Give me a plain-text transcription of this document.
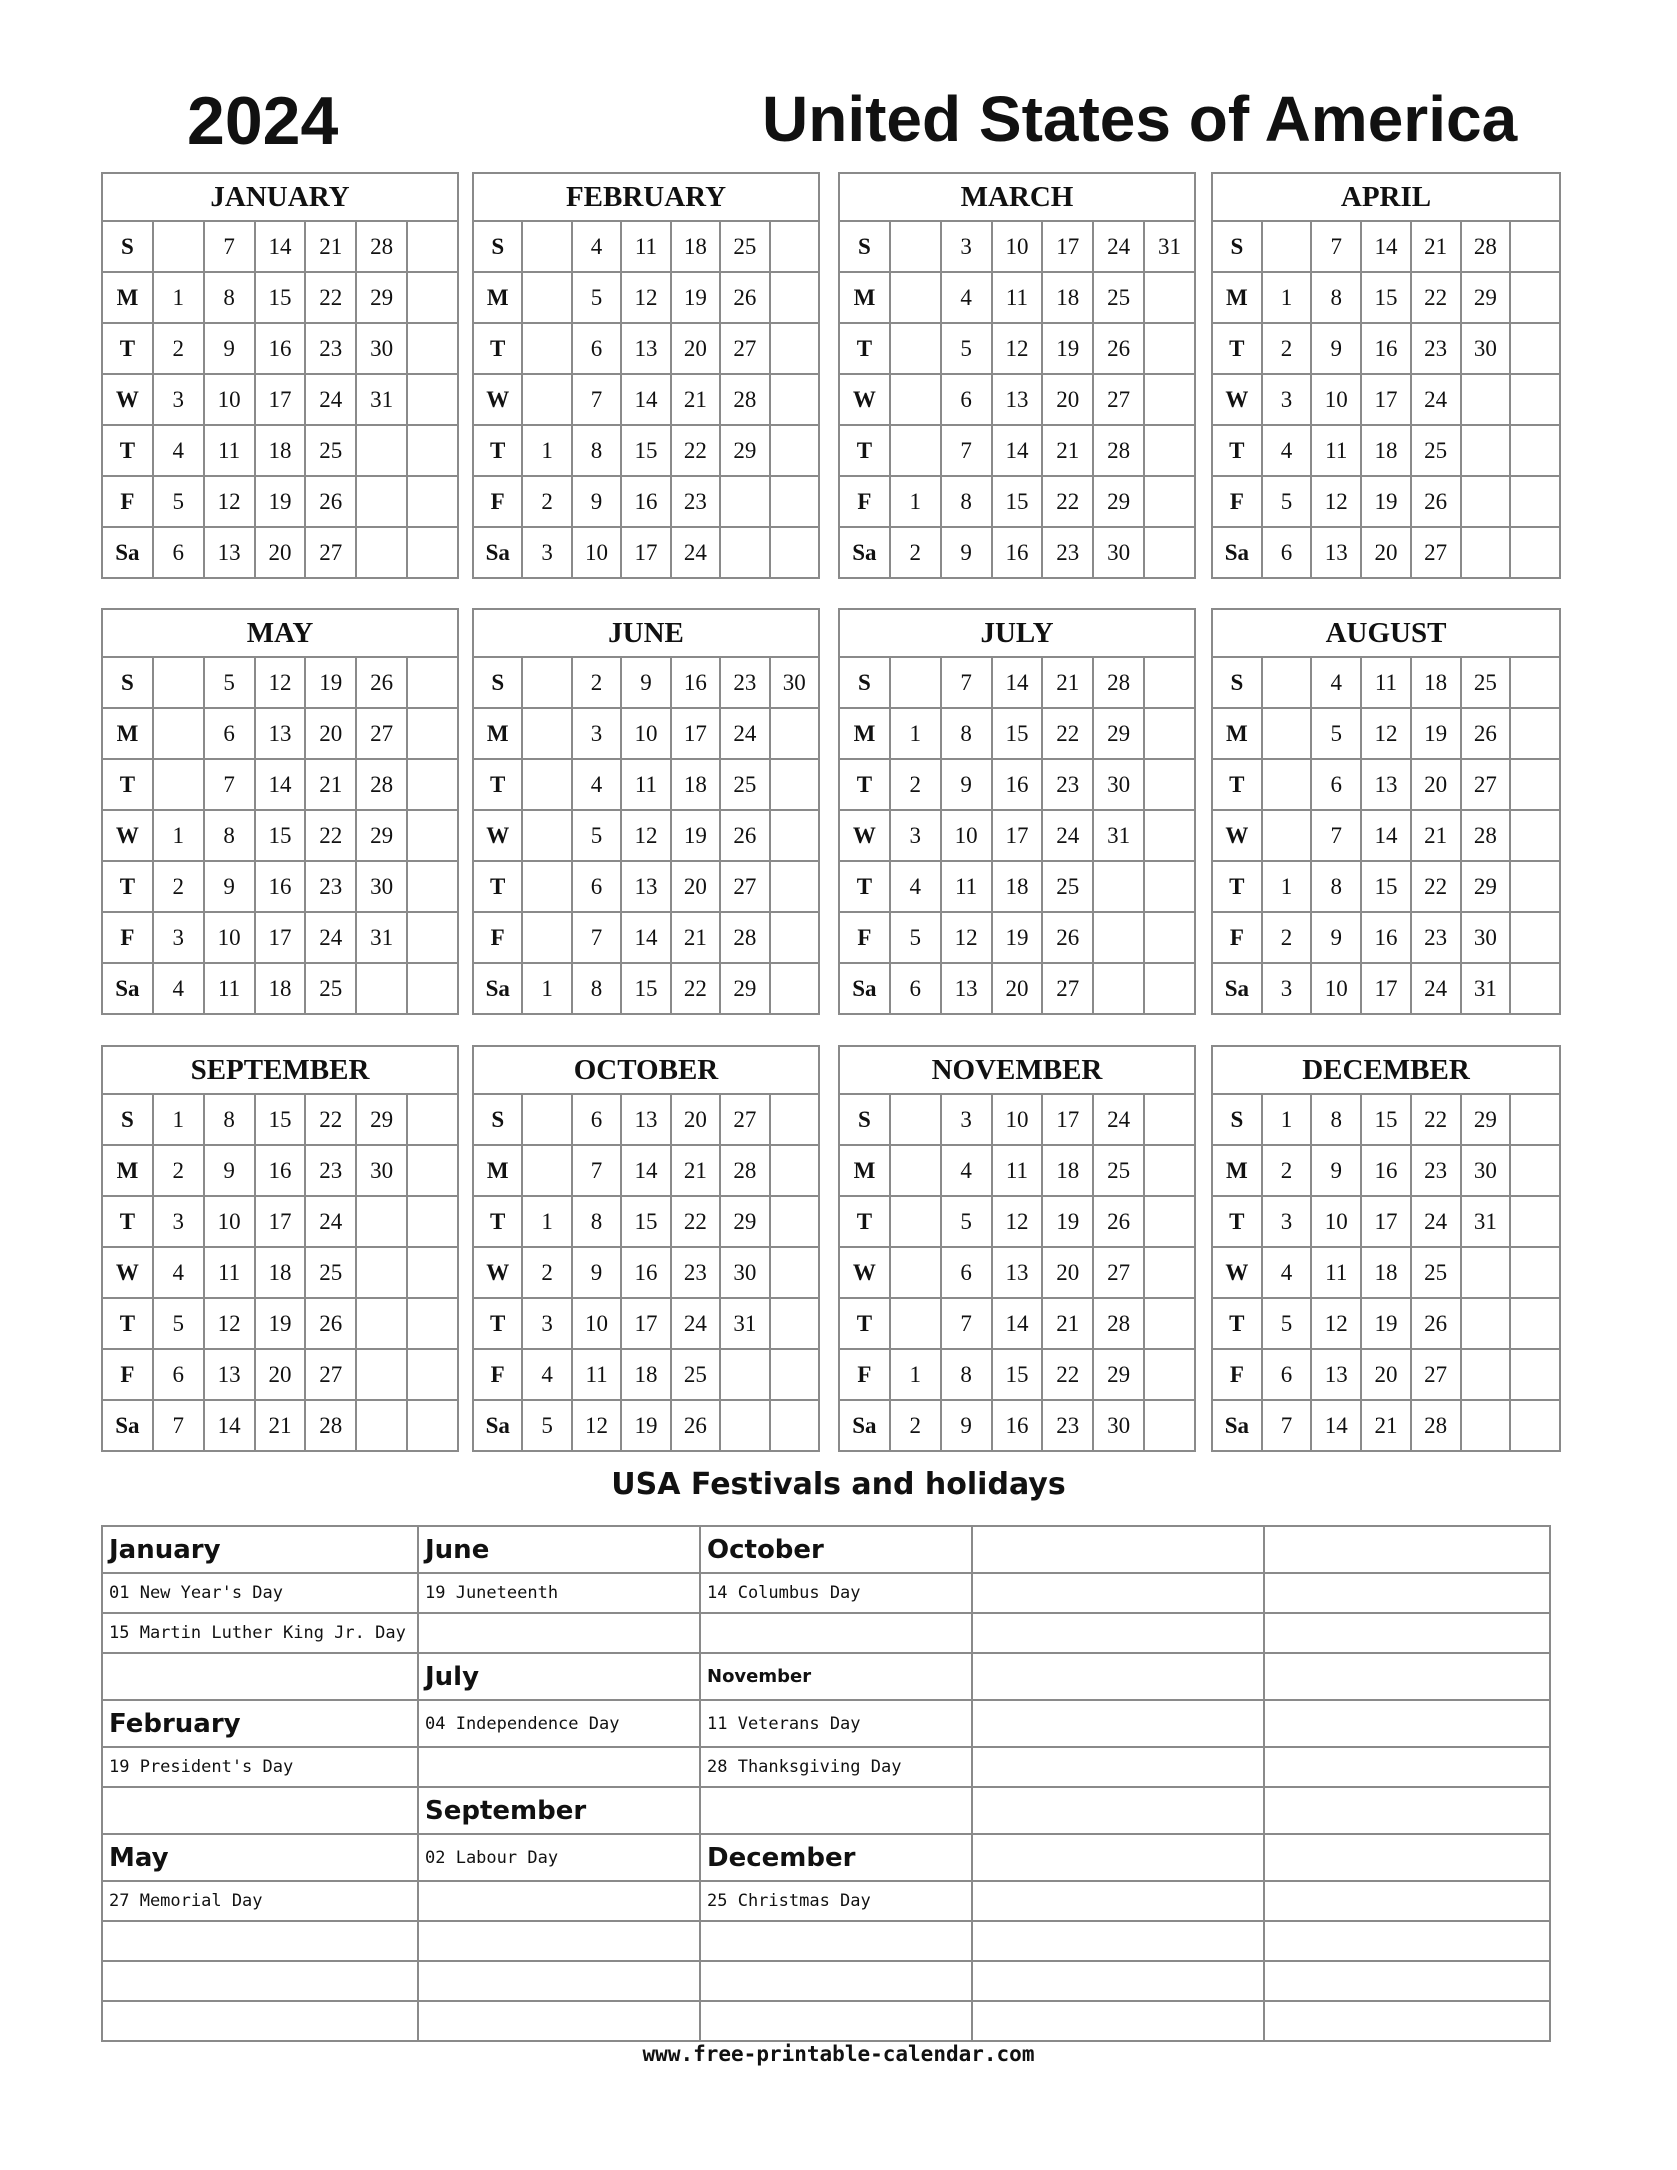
2024	United States of America
JANUARY						
S		7	14	21	28	
M	1	8	15	22	29	
T	2	9	16	23	30	
W	3	10	17	24	31	
T	4	11	18	25		
F	5	12	19	26		
Sa	6	13	20	27		
FEBRUARY						
S		4	11	18	25	
M		5	12	19	26	
T		6	13	20	27	
W		7	14	21	28	
T	1	8	15	22	29	
F	2	9	16	23		
Sa	3	10	17	24		
MARCH						
S		3	10	17	24	31
M		4	11	18	25	
T		5	12	19	26	
W		6	13	20	27	
T		7	14	21	28	
F	1	8	15	22	29	
Sa	2	9	16	23	30	
APRIL						
S		7	14	21	28	
M	1	8	15	22	29	
T	2	9	16	23	30	
W	3	10	17	24		
T	4	11	18	25		
F	5	12	19	26		
Sa	6	13	20	27		
MAY						
S		5	12	19	26	
M		6	13	20	27	
T		7	14	21	28	
W	1	8	15	22	29	
T	2	9	16	23	30	
F	3	10	17	24	31	
Sa	4	11	18	25		
JUNE						
S		2	9	16	23	30
M		3	10	17	24	
T		4	11	18	25	
W		5	12	19	26	
T		6	13	20	27	
F		7	14	21	28	
Sa	1	8	15	22	29	
JULY						
S		7	14	21	28	
M	1	8	15	22	29	
T	2	9	16	23	30	
W	3	10	17	24	31	
T	4	11	18	25		
F	5	12	19	26		
Sa	6	13	20	27		
AUGUST						
S		4	11	18	25	
M		5	12	19	26	
T		6	13	20	27	
W		7	14	21	28	
T	1	8	15	22	29	
F	2	9	16	23	30	
Sa	3	10	17	24	31	
SEPTEMBER						
S	1	8	15	22	29	
M	2	9	16	23	30	
T	3	10	17	24		
W	4	11	18	25		
T	5	12	19	26		
F	6	13	20	27		
Sa	7	14	21	28		
OCTOBER						
S		6	13	20	27	
M		7	14	21	28	
T	1	8	15	22	29	
W	2	9	16	23	30	
T	3	10	17	24	31	
F	4	11	18	25		
Sa	5	12	19	26		
NOVEMBER						
S		3	10	17	24	
M		4	11	18	25	
T		5	12	19	26	
W		6	13	20	27	
T		7	14	21	28	
F	1	8	15	22	29	
Sa	2	9	16	23	30	
DECEMBER						
S	1	8	15	22	29	
M	2	9	16	23	30	
T	3	10	17	24	31	
W	4	11	18	25		
T	5	12	19	26		
F	6	13	20	27		
Sa	7	14	21	28		
USA Festivals and holidays
January	June	October		
01 New Year's Day	19 Juneteenth	14 Columbus Day		
15 Martin Luther King Jr. Day				
	July	November		
February	04 Independence Day	11 Veterans Day		
19 President's Day		28 Thanksgiving Day		
	September			
May	02 Labour Day	December		
27 Memorial Day		25 Christmas Day		

www.free-printable-calendar.com
